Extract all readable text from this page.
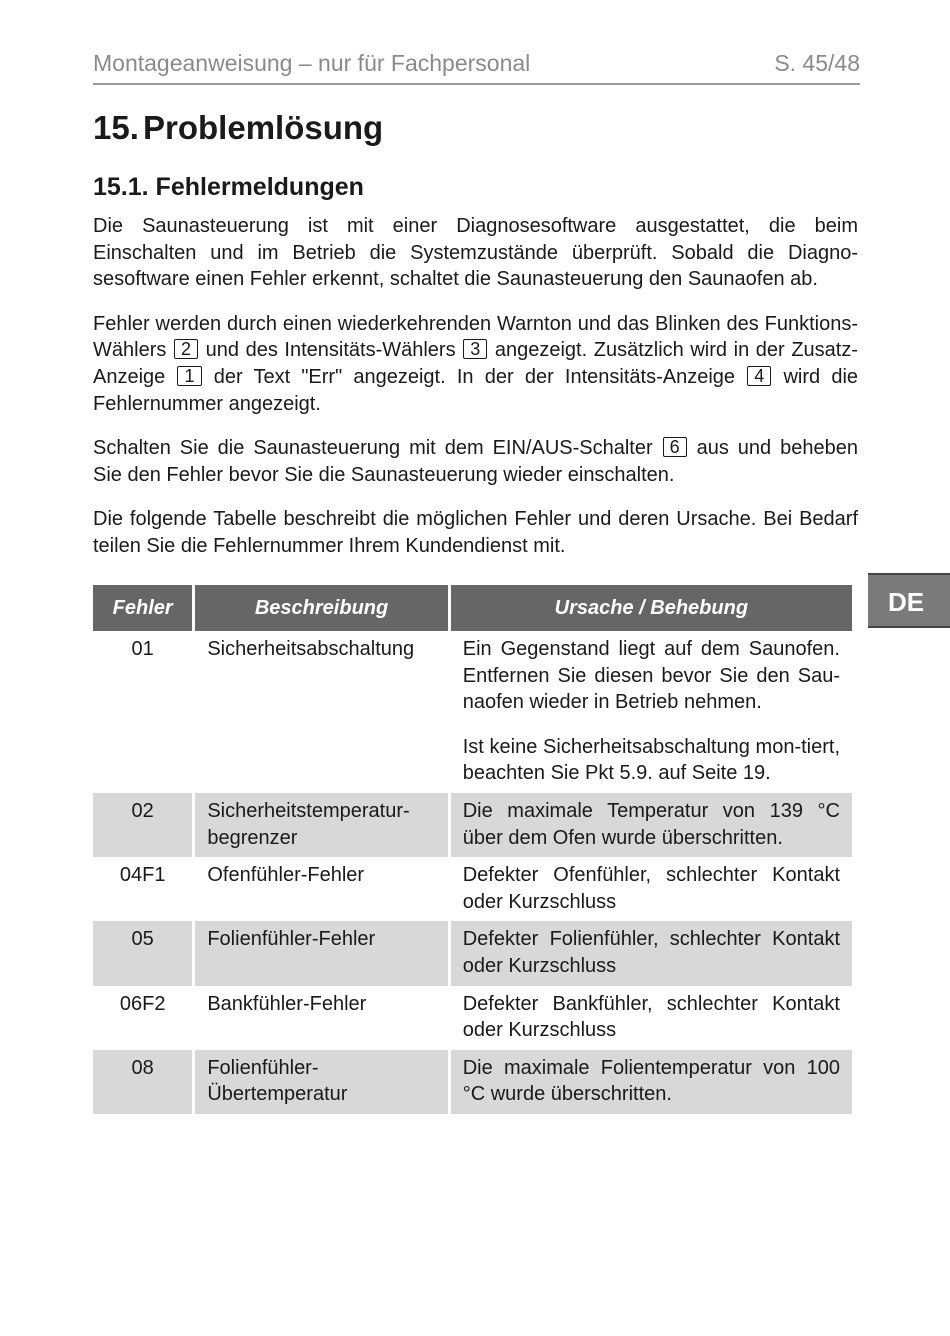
Montageanweisung – nur für Fachpersonal	S. 45/48
15. Problemlösung
15.1. Fehlermeldungen

Die Saunasteuerung ist mit einer Diagnosesoftware ausgestattet, die beim Einschalten und im Betrieb die Systemzustände überprüft. Sobald die Diagno-sesoftware einen Fehler erkennt, schaltet die Saunasteuerung den Saunaofen ab.

Fehler werden durch einen wiederkehrenden Warnton und das Blinken des Funktions-Wählers 2 und des Intensitäts-Wählers 3 angezeigt. Zusätzlich wird in der Zusatz-Anzeige 1 der Text "Err" angezeigt. In der der Intensitäts-Anzeige 4 wird die Fehlernummer angezeigt.

Schalten Sie die Saunasteuerung mit dem EIN/AUS-Schalter 6 aus und beheben Sie den Fehler bevor Sie die Saunasteuerung wieder einschalten.

Die folgende Tabelle beschreibt die möglichen Fehler und deren Ursache. Bei Bedarf teilen Sie die Fehlernummer Ihrem Kundendienst mit.

DE
Fehler	Beschreibung	Ursache / Behebung
01	Sicherheitsabschaltung	Ein Gegenstand liegt auf dem Saunofen. Entfernen Sie diesen bevor Sie den Sau-naofen wieder in Betrieb nehmen.
Ist keine Sicherheitsabschaltung mon-tiert, beachten Sie Pkt 5.9. auf Seite 19.

02	Sicherheitstemperatur-begrenzer	Die maximale Temperatur von 139 °C über dem Ofen wurde überschritten.
04F1	Ofenfühler-Fehler	Defekter Ofenfühler, schlechter Kontakt oder Kurzschluss
05	Folienfühler-Fehler	Defekter Folienfühler, schlechter Kontakt oder Kurzschluss
06F2	Bankfühler-Fehler	Defekter Bankfühler, schlechter Kontakt oder Kurzschluss
08	Folienfühler-Übertemperatur	Die maximale Folientemperatur von 100 °C wurde überschritten.
